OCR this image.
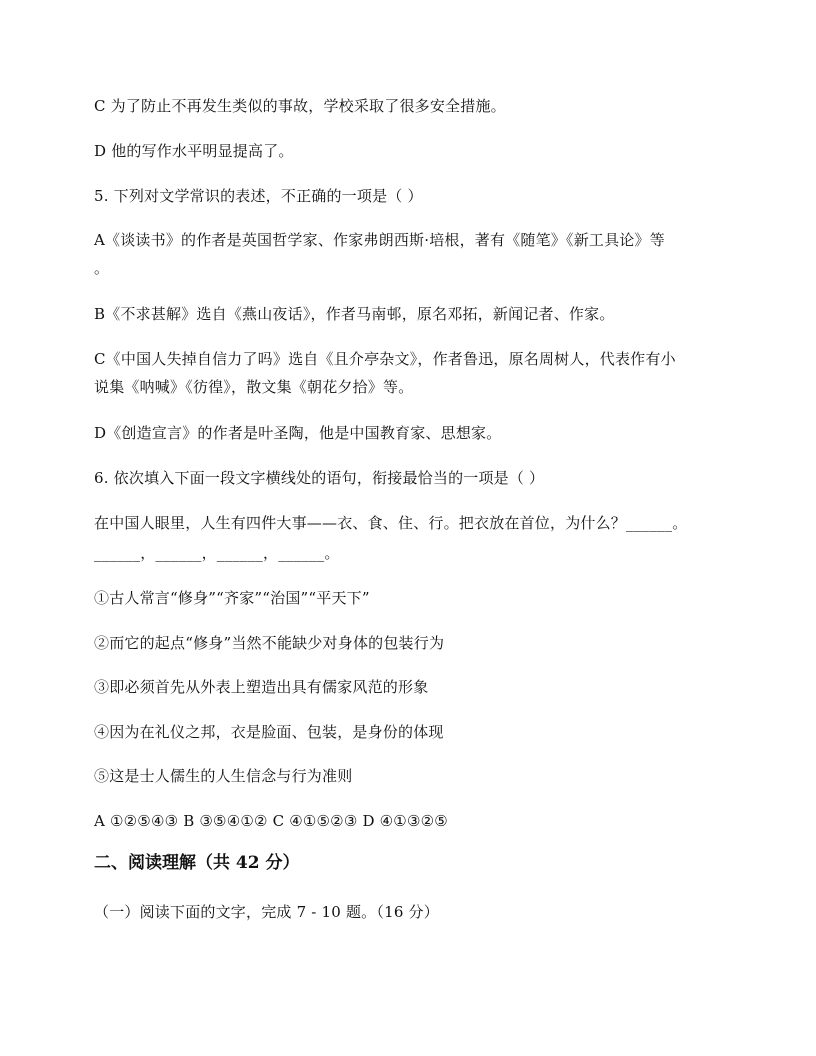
C 为了防止不再发生类似的事故，学校采取了很多安全措施。
D 他的写作水平明显提高了。
5. 下列对文学常识的表述，不正确的一项是（ ）
A《谈读书》的作者是英国哲学家、作家弗朗西斯·培根，著有《随笔》《新工具论》等
。
B《不求甚解》选自《燕山夜话》，作者马南邨，原名邓拓，新闻记者、作家。
C《中国人失掉自信力了吗》选自《且介亭杂文》，作者鲁迅，原名周树人，代表作有小
说集《呐喊》《彷徨》，散文集《朝花夕拾》等。
D《创造宣言》的作者是叶圣陶，他是中国教育家、思想家。
6. 依次填入下面一段文字横线处的语句，衔接最恰当的一项是（ ）
在中国人眼里，人生有四件大事——衣、食、住、行。把衣放在首位，为什么？______。
______，______，______，______。
①古人常言“修身”“齐家”“治国”“平天下”
②而它的起点“修身”当然不能缺少对身体的包装行为
③即必须首先从外表上塑造出具有儒家风范的形象
④因为在礼仪之邦，衣是脸面、包装，是身份的体现
⑤这是士人儒生的人生信念与行为准则
A ①②⑤④③ B ③⑤④①② C ④①⑤②③ D ④①③②⑤
二、阅读理解（共 42 分）
（一）阅读下面的文字，完成 7 - 10 题。（16 分）
